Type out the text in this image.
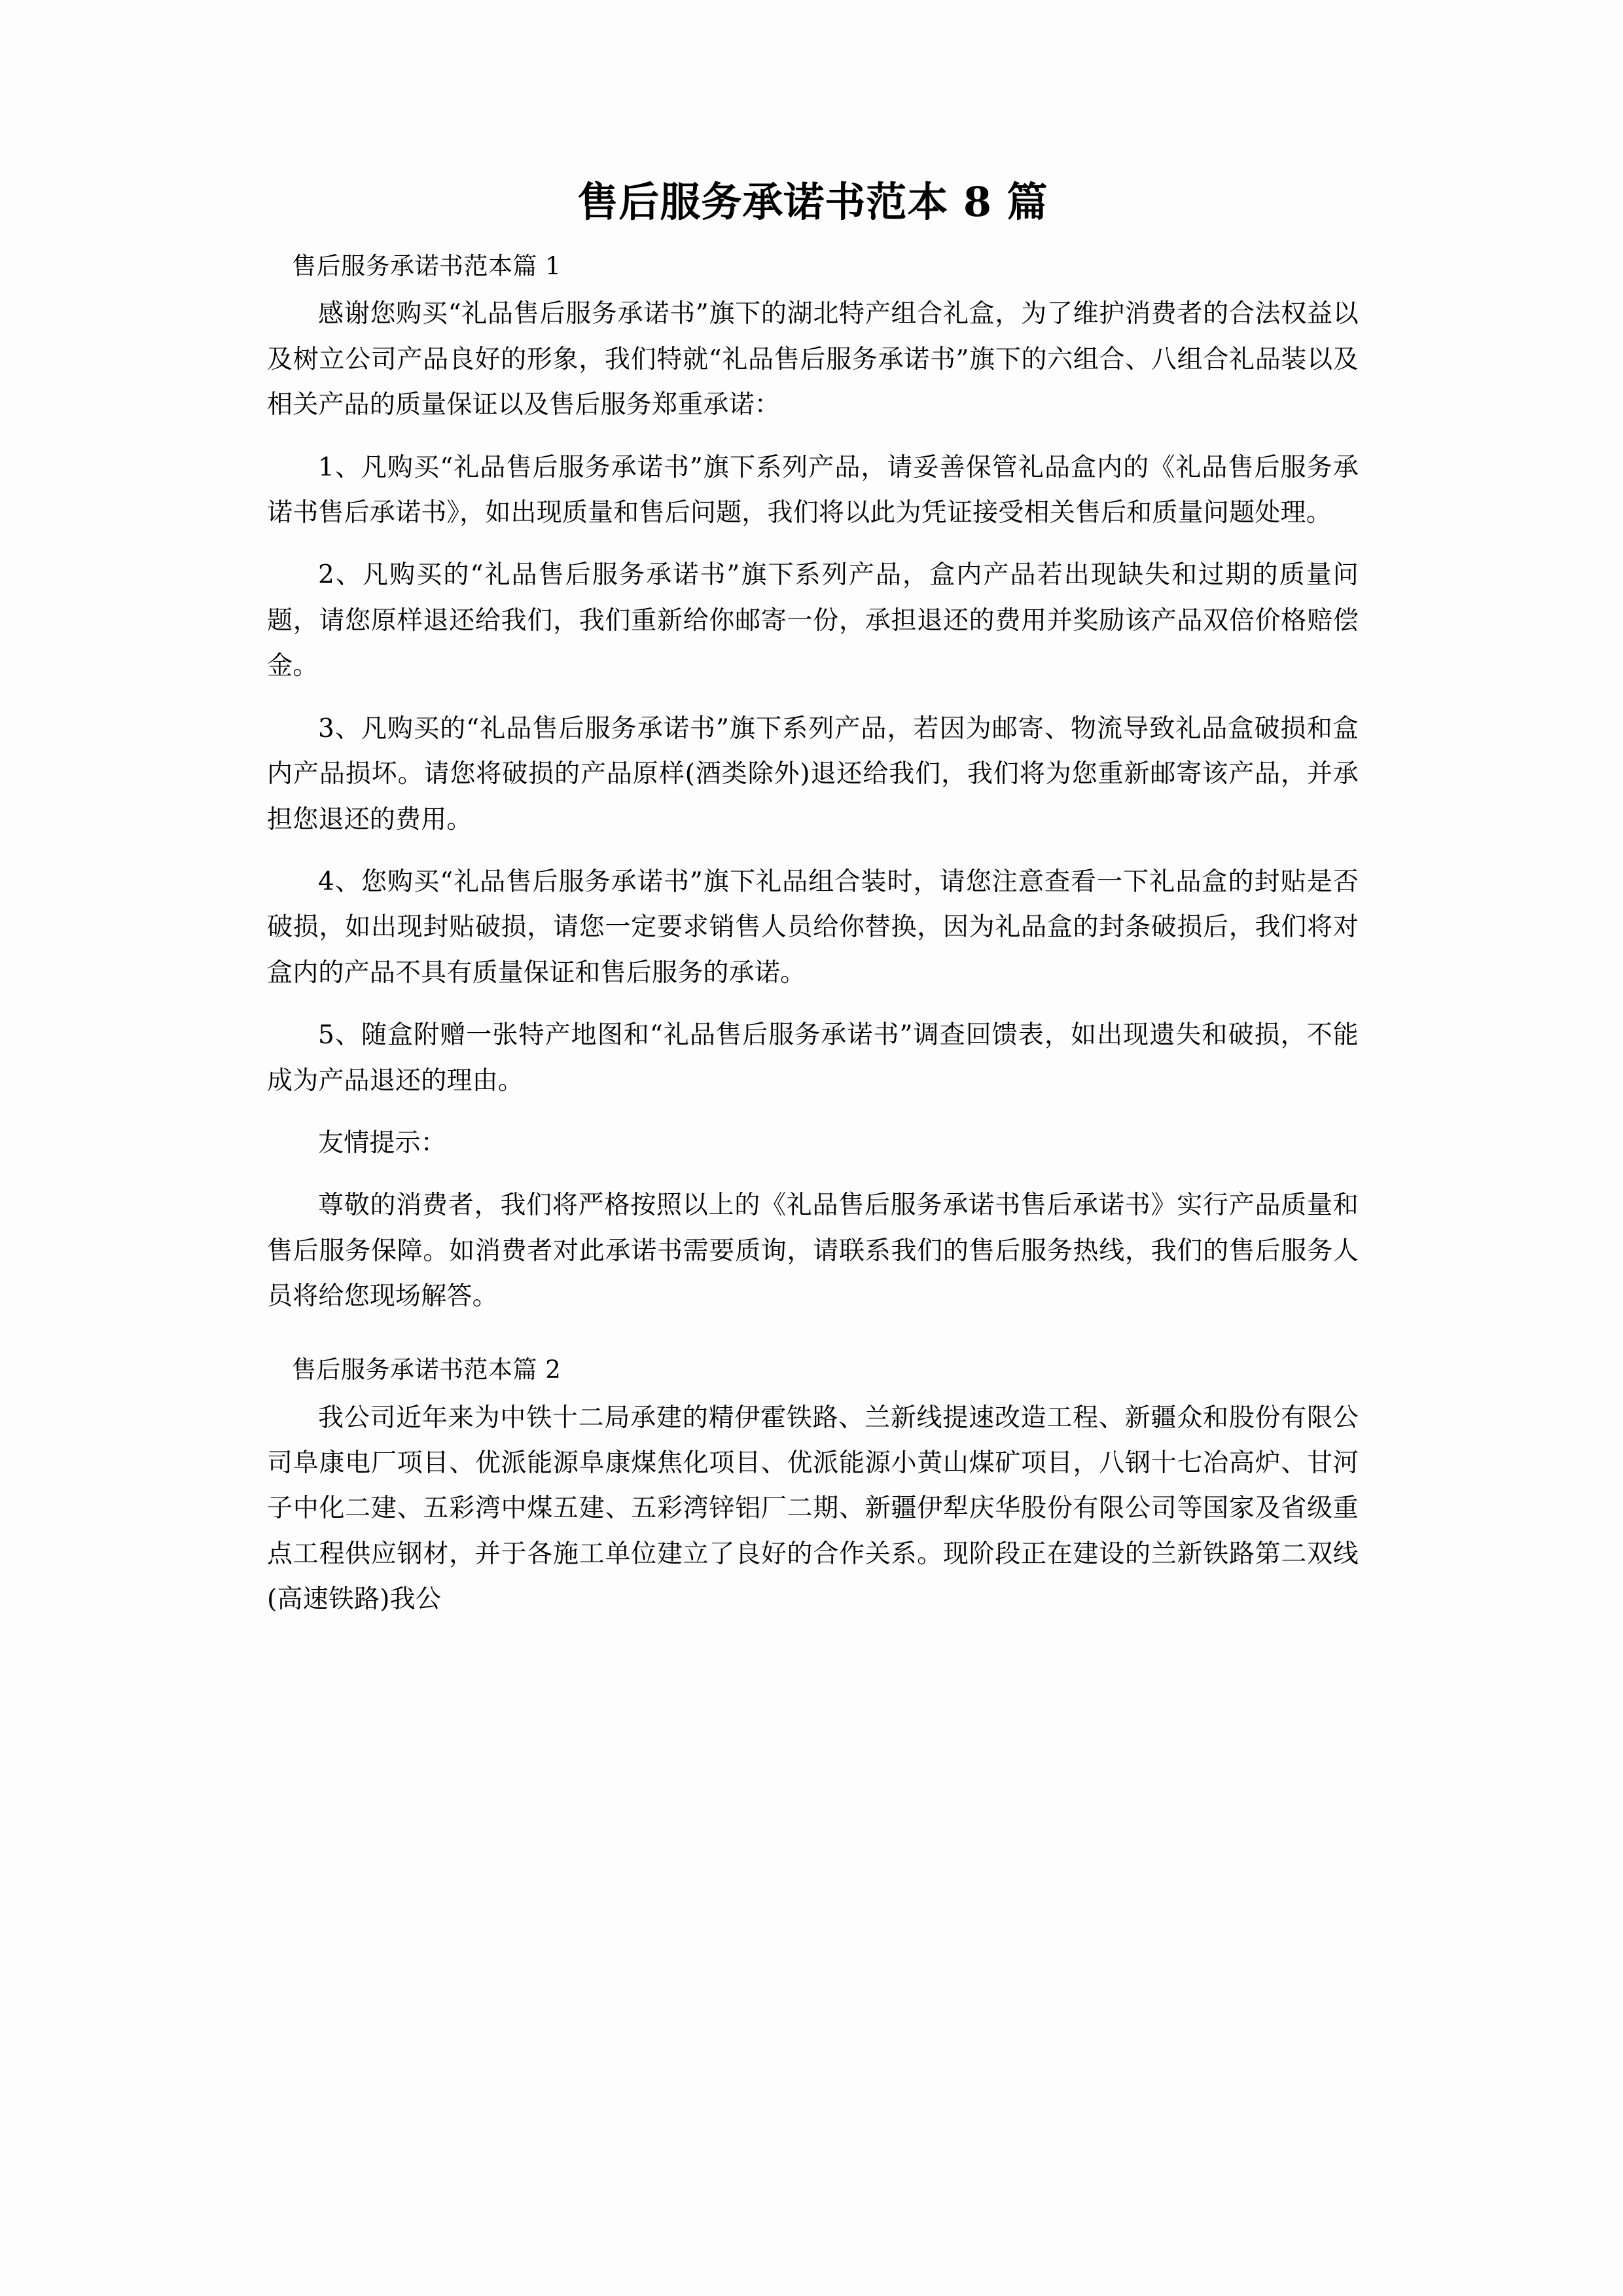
售后服务承诺书范本 8 篇
售后服务承诺书范本篇 1

感谢您购买“礼品售后服务承诺书”旗下的湖北特产组合礼盒，为了维护消费者的合法权益以及树立公司产品良好的形象，我们特就“礼品售后服务承诺书”旗下的六组合、八组合礼品装以及相关产品的质量保证以及售后服务郑重承诺：

1、凡购买“礼品售后服务承诺书”旗下系列产品，请妥善保管礼品盒内的《礼品售后服务承诺书售后承诺书》，如出现质量和售后问题，我们将以此为凭证接受相关售后和质量问题处理。

2、凡购买的“礼品售后服务承诺书”旗下系列产品，盒内产品若出现缺失和过期的质量问题，请您原样退还给我们，我们重新给你邮寄一份，承担退还的费用并奖励该产品双倍价格赔偿金。

3、凡购买的“礼品售后服务承诺书”旗下系列产品，若因为邮寄、物流导致礼品盒破损和盒内产品损坏。请您将破损的产品原样(酒类除外)退还给我们，我们将为您重新邮寄该产品，并承担您退还的费用。

4、您购买“礼品售后服务承诺书”旗下礼品组合装时，请您注意查看一下礼品盒的封贴是否破损，如出现封贴破损，请您一定要求销售人员给你替换，因为礼品盒的封条破损后，我们将对盒内的产品不具有质量保证和售后服务的承诺。

5、随盒附赠一张特产地图和“礼品售后服务承诺书”调查回馈表，如出现遗失和破损，不能成为产品退还的理由。

友情提示：

尊敬的消费者，我们将严格按照以上的《礼品售后服务承诺书售后承诺书》实行产品质量和售后服务保障。如消费者对此承诺书需要质询，请联系我们的售后服务热线，我们的售后服务人员将给您现场解答。

售后服务承诺书范本篇 2

我公司近年来为中铁十二局承建的精伊霍铁路、兰新线提速改造工程、新疆众和股份有限公司阜康电厂项目、优派能源阜康煤焦化项目、优派能源小黄山煤矿项目，八钢十七冶高炉、甘河子中化二建、五彩湾中煤五建、五彩湾锌铝厂二期、新疆伊犁庆华股份有限公司等国家及省级重点工程供应钢材，并于各施工单位建立了良好的合作关系。现阶段正在建设的兰新铁路第二双线(高速铁路)我公
